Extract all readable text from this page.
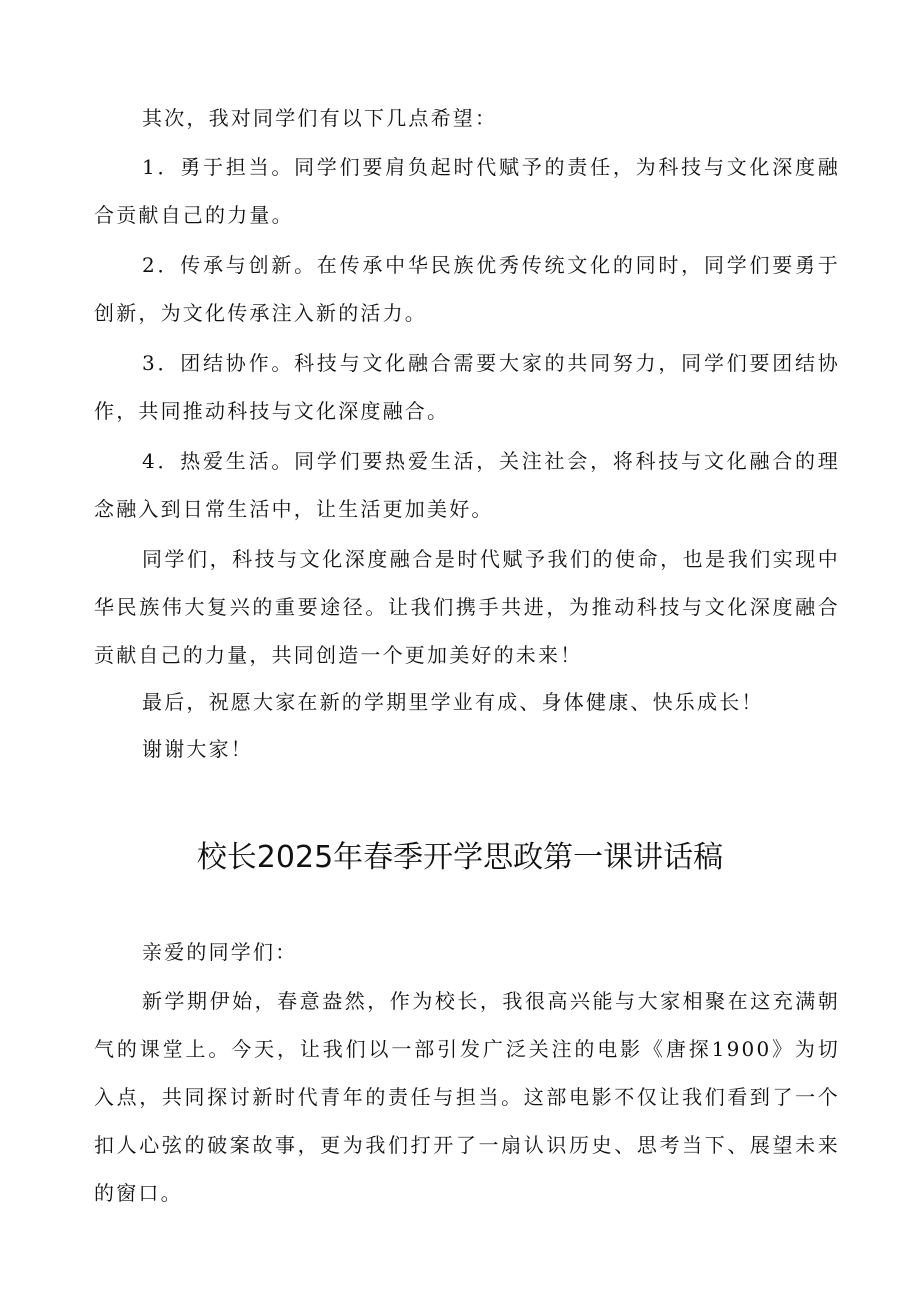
其次，我对同学们有以下几点希望：

1．勇于担当。同学们要肩负起时代赋予的责任，为科技与文化深度融合贡献自己的力量。

2．传承与创新。在传承中华民族优秀传统文化的同时，同学们要勇于创新，为文化传承注入新的活力。

3．团结协作。科技与文化融合需要大家的共同努力，同学们要团结协作，共同推动科技与文化深度融合。

4．热爱生活。同学们要热爱生活，关注社会，将科技与文化融合的理念融入到日常生活中，让生活更加美好。

同学们，科技与文化深度融合是时代赋予我们的使命，也是我们实现中华民族伟大复兴的重要途径。让我们携手共进，为推动科技与文化深度融合贡献自己的力量，共同创造一个更加美好的未来！

最后，祝愿大家在新的学期里学业有成、身体健康、快乐成长！

谢谢大家！

校长2025年春季开学思政第一课讲话稿

亲爱的同学们：

新学期伊始，春意盎然，作为校长，我很高兴能与大家相聚在这充满朝气的课堂上。今天，让我们以一部引发广泛关注的电影《唐探1900》为切入点，共同探讨新时代青年的责任与担当。这部电影不仅让我们看到了一个扣人心弦的破案故事，更为我们打开了一扇认识历史、思考当下、展望未来的窗口。
